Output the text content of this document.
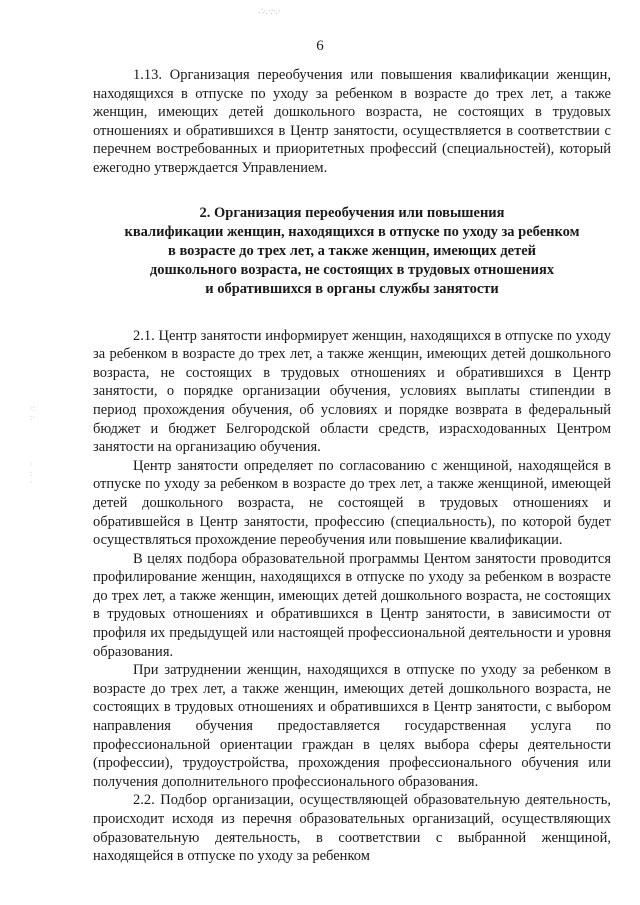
∴·.·:·.·
·:
:·
·
:
·
6

1.13. Организация переобучения или повышения квалификации женщин, находящихся в отпуске по уходу за ребенком в возрасте до трех лет, а также женщин, имеющих детей дошкольного возраста, не состоящих в трудовых отношениях и обратившихся в Центр занятости, осуществляется в соответствии с перечнем востребованных и приоритетных профессий (специальностей), который ежегодно утверждается Управлением.

2. Организация переобучения или повышения
квалификации женщин, находящихся в отпуске по уходу за ребенком
в возрасте до трех лет, а также женщин, имеющих детей
дошкольного возраста, не состоящих в трудовых отношениях
и обратившихся в органы службы занятости

2.1. Центр занятости информирует женщин, находящихся в отпуске по уходу за ребенком в возрасте до трех лет, а также женщин, имеющих детей дошкольного возраста, не состоящих в трудовых отношениях и обратившихся в Центр занятости, о порядке организации обучения, условиях выплаты стипендии в период прохождения обучения, об условиях и порядке возврата в федеральный бюджет и бюджет Белгородской области средств, израсходованных Центром занятости на организацию обучения.

Центр занятости определяет по согласованию с женщиной, находящейся в отпуске по уходу за ребенком в возрасте до трех лет, а также женщиной, имеющей детей дошкольного возраста, не состоящей в трудовых отношениях и обратившейся в Центр занятости, профессию (специальность), по которой будет осуществляться прохождение переобучения или повышение квалификации.

В целях подбора образовательной программы Центом занятости проводится профилирование женщин, находящихся в отпуске по уходу за ребенком в возрасте до трех лет, а также женщин, имеющих детей дошкольного возраста, не состоящих в трудовых отношениях и обратившихся в Центр занятости, в зависимости от профиля их предыдущей или настоящей профессиональной деятельности и уровня образования.

При затруднении женщин, находящихся в отпуске по уходу за ребенком в возрасте до трех лет, а также женщин, имеющих детей дошкольного возраста, не состоящих в трудовых отношениях и обратившихся в Центр занятости, с выбором направления обучения предоставляется государственная услуга по профессиональной ориентации граждан в целях выбора сферы деятельности (профессии), трудоустройства, прохождения профессионального обучения или получения дополнительного профессионального образования.

2.2. Подбор организации, осуществляющей образовательную деятельность, происходит исходя из перечня образовательных организаций, осуществляющих образовательную деятельность, в соответствии с выбранной женщиной, находящейся в отпуске по уходу за ребенком
